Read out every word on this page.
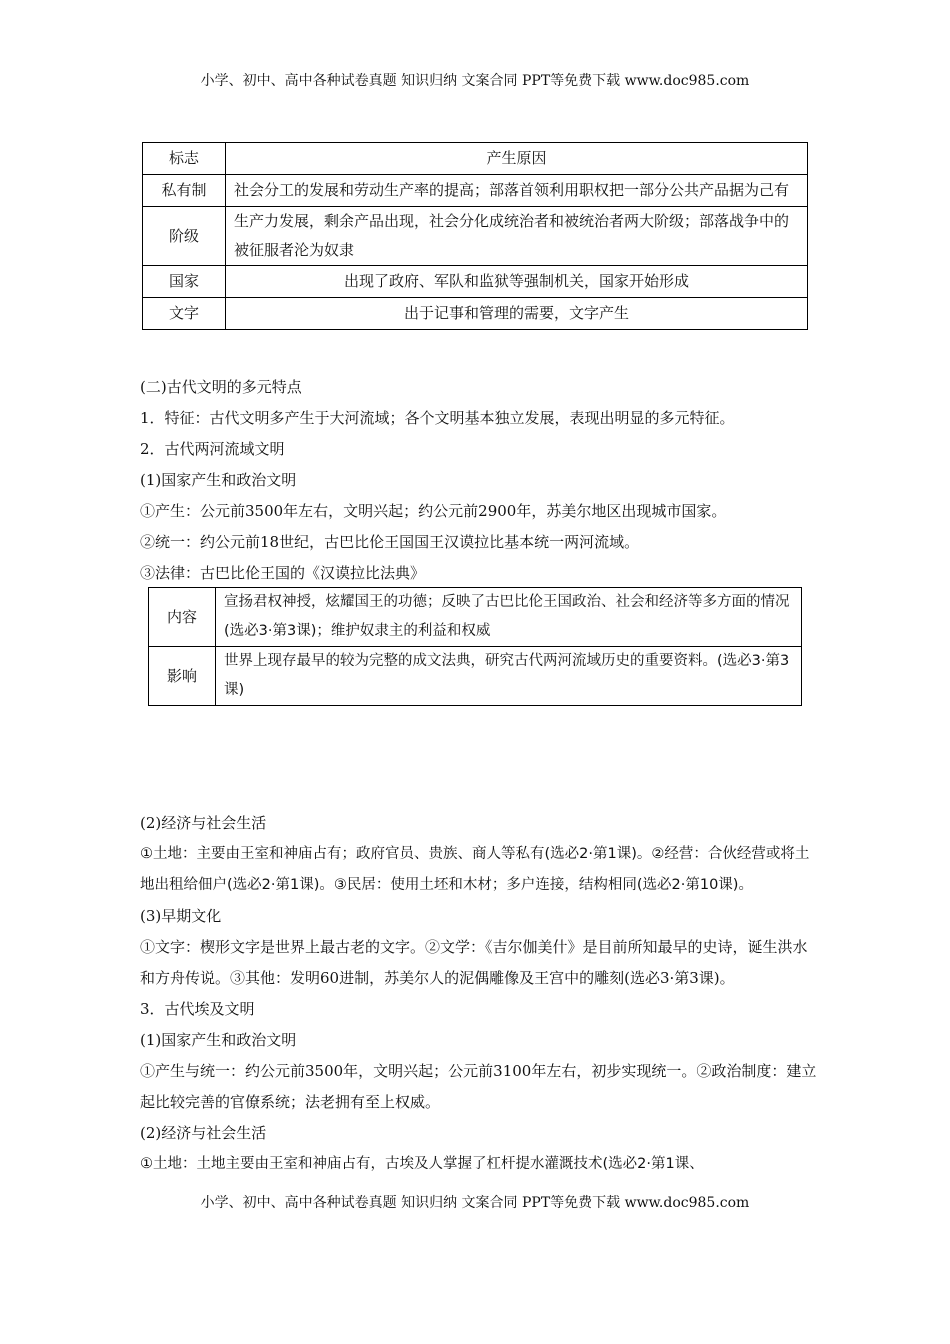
小学、初中、高中各种试卷真题 知识归纳 文案合同 PPT等免费下载 www.doc985.com
标志	产生原因
私有制	社会分工的发展和劳动生产率的提高；部落首领利用职权把一部分公共产品据为己有
阶级	生产力发展，剩余产品出现，社会分化成统治者和被统治者两大阶级；部落战争中的被征服者沦为奴隶
国家	出现了政府、军队和监狱等强制机关，国家开始形成
文字	出于记事和管理的需要，文字产生
(二)古代文明的多元特点
1．特征：古代文明多产生于大河流域；各个文明基本独立发展，表现出明显的多元特征。
2．古代两河流域文明
(1)国家产生和政治文明
①产生：公元前3500年左右，文明兴起；约公元前2900年，苏美尔地区出现城市国家。
②统一：约公元前18世纪，古巴比伦王国国王汉谟拉比基本统一两河流域。
③法律：古巴比伦王国的《汉谟拉比法典》
(2)经济与社会生活
①土地：主要由王室和神庙占有；政府官员、贵族、商人等私有(选必2·第1课)。②经营：合伙经营或将土地出租给佃户(选必2·第1课)。③民居：使用土坯和木材；多户连接，结构相同(选必2·第10课)。
(3)早期文化
①文字：楔形文字是世界上最古老的文字。②文学：《吉尔伽美什》是目前所知最早的史诗，诞生洪水和方舟传说。③其他：发明60进制，苏美尔人的泥偶雕像及王宫中的雕刻(选必3·第3课)。
3．古代埃及文明
(1)国家产生和政治文明
①产生与统一：约公元前3500年，文明兴起；公元前3100年左右，初步实现统一。②政治制度：建立起比较完善的官僚系统；法老拥有至上权威。
(2)经济与社会生活
①土地：土地主要由王室和神庙占有，古埃及人掌握了杠杆提水灌溉技术(选必2·第1课、
内容	宣扬君权神授，炫耀国王的功德；反映了古巴比伦王国政治、社会和经济等多方面的情况(选必3·第3课)；维护奴隶主的利益和权威
影响	世界上现存最早的较为完整的成文法典，研究古代两河流域历史的重要资料。(选必3·第3课)
小学、初中、高中各种试卷真题 知识归纳 文案合同 PPT等免费下载 www.doc985.com
